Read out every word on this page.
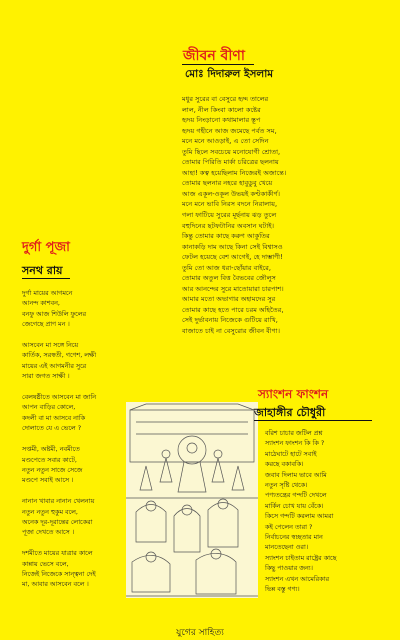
জীবন বীণা
মোঃ দিদারুল ইসলাম
মধুর সুরের বা বেসুরে হৃদ্দ তালের
লাল, নীল কিংবা কালো কষ্টের
হৃদয় নিংড়ানো কথামালার স্তূপ
হৃদয় গহীনে আজ জমেছে পর্বত সম,
মনে মনে আওড়াই, এ তো সেদিন
তুমি ছিলে সবচেয়ে মনোযোগী শ্রোতা,
তোমার পিরিতি মার্কা চরিত্রের ছলনায়
আহা! কত্ব হয়েছিলাম নিজেরই অজান্তে।
তোমার ছলনার নহরে হাবুডুবু খেয়ে
আজ একূল-ওকূল উভয়ই কণ্টকাকীর্ণ।
মনে মনে ভাবি নিরস বদনে নিরালায়,
গলা ফাটিয়ে সুরের মূর্ছনায় ঝড় তুলে
বহুদিনের ছটফটানির অবসান ঘটাই।
কিন্তু তোমার কাছে করুণ আকুতির
কানাকড়ি দাম আছে কিনা সেই বিশ্বাসও
ফেটল হয়েছে বেশ আগেই, হে দাম্ভাণী!
তুমি তো আজ ধরা-ছোঁয়ার বাইরে,
তোমার অতুল বিত্ত বৈভবের জৌলুস
আর আনন্দের সুরে মাতোয়ারা চারপাশ।
আমার মতো অভাগার অহামদের সুর
তোমার কাছে হতে পারে চরম অহিতৈর,
সেই দুর্ভাবনায় নিজেকে গুটিয়ে রাখি,
বাজাতে চাই না বেসুরোর জীবন বীণা।
দুর্গা পূজা
সনথ রায়
দুর্গা মায়ের আগমনে
আনন্দ কাশবন,
বনফু আজ শিউলি ফুলের
জেগেছে প্রাণ মন ।

আসবেন মা সঙ্গে নিয়ে
কার্তিক, সরস্বতী, গণেশ, লক্ষী
মায়ের এই আগমনীর সুরে
সারা জগত সাক্ষী ।

বেলষষ্ঠীতে আসবেন মা জানি
আপন বাড়ির কোলে,
কদলী বা মা আসবে নাকি
দোলাতে যে এ ভেলে ?

সপ্তমী, অষ্টমী, নবমীতে
মণ্ডপেতে সবার কাটে,
নতুন নতুন সাজে সেজে
মণ্ডপে সবাই আসে ।

নানান খাবার নানান খেলনায়
নতুন নতুন হুকুম বলে,
অনেক দূর-দূরান্তের লোকেরা
পূজা দেখতে আসে ।

দশমীতে মায়ের যাত্রার কালে
কান্নায় ভেসে বলে,
নিজেই নিজেকে সান্ত্বনা দেই
মা, আবার আসবেন বলে ।
স্যাংশন ফাংশন
জাহাঙ্গীর চৌধুরী
বরিশ চাচার জটিল প্রশ্ন
স্যাংশন ফাংশন কি কি ?
মাঠেঘাটে হাটে সবাই
করছে বকাবকি।
জবাব দিলাম ভাবে আমি
নতুন সৃষ্টি থেকে।
পণ্যতন্ত্রের গন্দটি দেখলে
মার্কিন চোখ যায় বেঁকে।
কিসে গন্দটি করলাম আমরা
কই পেলেন তারা ?
নির্বাচনের স্বচ্ছতার মান
মানতেছেনা ওরা।
স্যাংশন চাইতাম রাষ্ট্রের কাছে
কিছু পাওয়ার জন্য।
স্যাংশন এখন আমেরিকার
ভিন্ন বস্তু গণ্য।
যুগের সাহিত্য
